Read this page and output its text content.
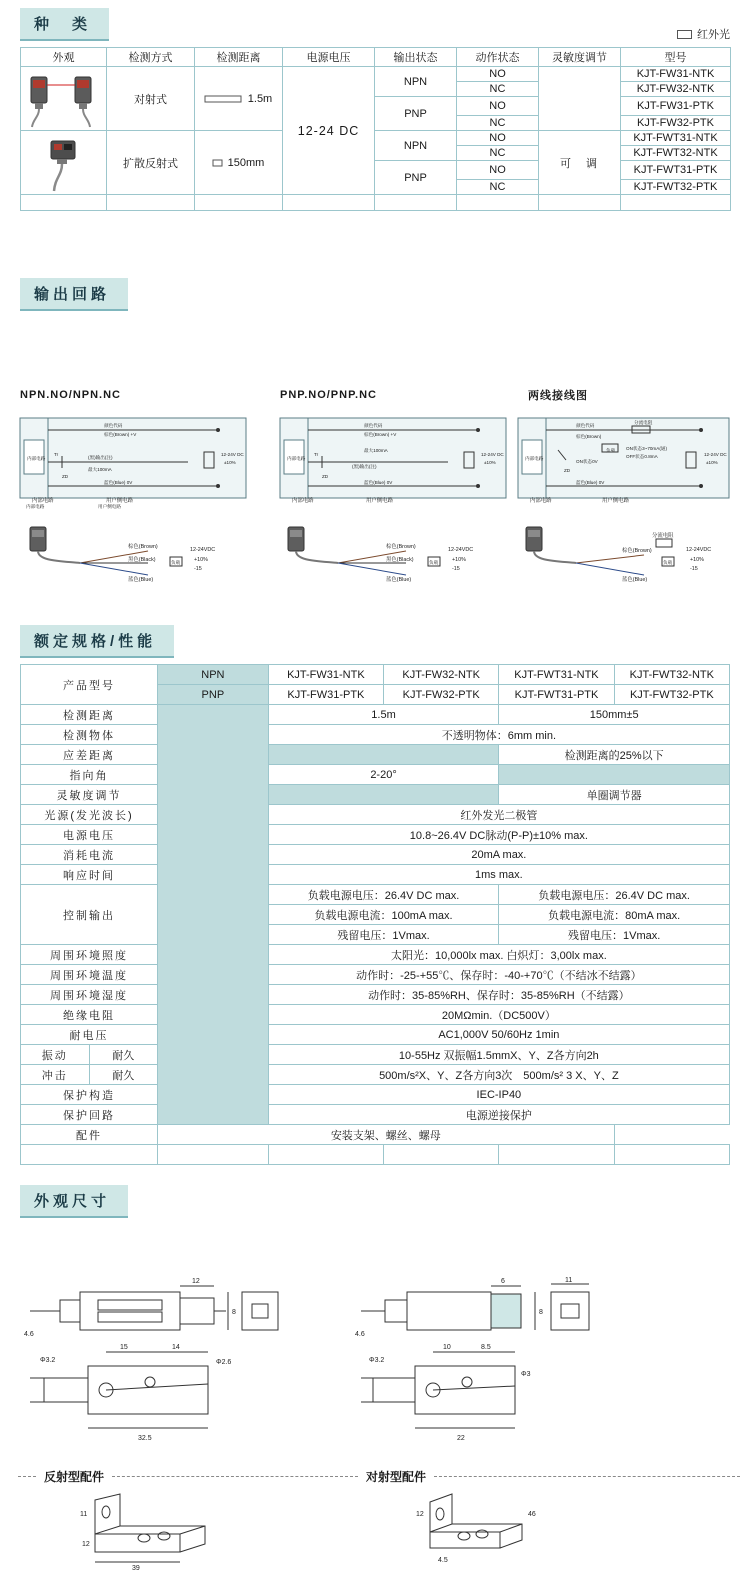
种　类
红外光
外观	检测方式	检测距离	电源电压	输出状态	动作状态	灵敏度调节	型号

	对射式	1.5m	12-24 DC	NPN	NO		KJT-FW31-NTK
					NC		KJT-FW32-NTK
				PNP	NO		KJT-FW31-PTK
					NC		KJT-FW32-PTK

	扩散反射式	150mm		NPN	NO	可　调	KJT-FWT31-NTK
					NC		KJT-FWT32-NTK
				PNP	NO		KJT-FWT31-PTK
					NC		KJT-FWT32-PTK

输出回路
NPN.NO/NPN.NC	PNP.NO/PNP.NC	两线接线图
内部电路
颜色代码
棕色(Brown) +V
(黑)输出(注)
最大100mA
蓝色(Blue) 0V
Tr
ZD
12-24V DC
±10%
内部电路	用户侧电路
内部电路	用户侧电路
内部电路
颜色代码
棕色(Brown) +V
最大100mA
(黑)输出(注)
蓝色(Blue) 0V
Tr
ZD
12-24V DC
±10%
内部电路	用户侧电路
内部电路
颜色代码
分流电阻
棕色(Brown)
负载 ON状态3~70mA(通)
OFF状态0.8mA
ON状态0V
蓝色(Blue) 0V
ZD
12-24V DC
±10%
内部电路	用户侧电路
棕色(Brown)
黑色(Black)
蓝色(Blue)
负载
12-24VDC
+10%
-15
棕色(Brown)
黑色(Black)
蓝色(Blue)
负载
12-24VDC
+10%
-15
棕色(Brown)
蓝色(Blue)
分流电阻
负载
12-24VDC
+10%
-15
额定规格/性能
产品型号		NPN	KJT-FW31-NTK	KJT-FW32-NTK	KJT-FWT31-NTK	KJT-FWT32-NTK
		PNP	KJT-FW31-PTK	KJT-FW32-PTK	KJT-FWT31-PTK	KJT-FWT32-PTK
检测距离			1.5m		150mm±5	
检测物体			不透明物体：6mm min.			
应差距离					检测距离的25%以下	
指向角			2-20°			
灵敏度调节					单圈调节器	
光源(发光波长)			红外发光二极管			
电源电压			10.8~26.4V DC脉动(P-P)±10% max.			
消耗电流			20mA max.			
响应时间			1ms max.			
控制输出			负载电源电压：26.4V DC max.		负载电源电压：26.4V DC max.	
			负载电源电流：100mA max.		负载电源电流：80mA max.	
			残留电压：1Vmax.		残留电压：1Vmax.	
周围环境照度			太阳光：10,000lx max. 白炽灯：3,00lx max.			
周围环境温度			动作时：-25-+55℃、保存时：-40-+70℃（不结冰不结露）			
周围环境湿度			动作时：35-85%RH、保存时：35-85%RH（不结露）			
绝缘电阻			20MΩmin.（DC500V）			
耐电压			AC1,000V 50/60Hz 1min			
振动	耐久		10-55Hz 双振幅1.5mmX、Y、Z各方向2h			
冲击	耐久		500m/s²X、Y、Z各方向3次　500m/s² 3 X、Y、Z			
保护构造			IEC-IP40			
保护回路			电源逆接保护			
配件		安装支架、螺丝、螺母				

外观尺寸
4.6
12
8
Φ3.2	Φ2.6
15	14
32.5
4.6
6
8
11
Φ3.2
Φ3
10	8.5
22
反射型配件	对射型配件
11
12
39
12	46
4.5
